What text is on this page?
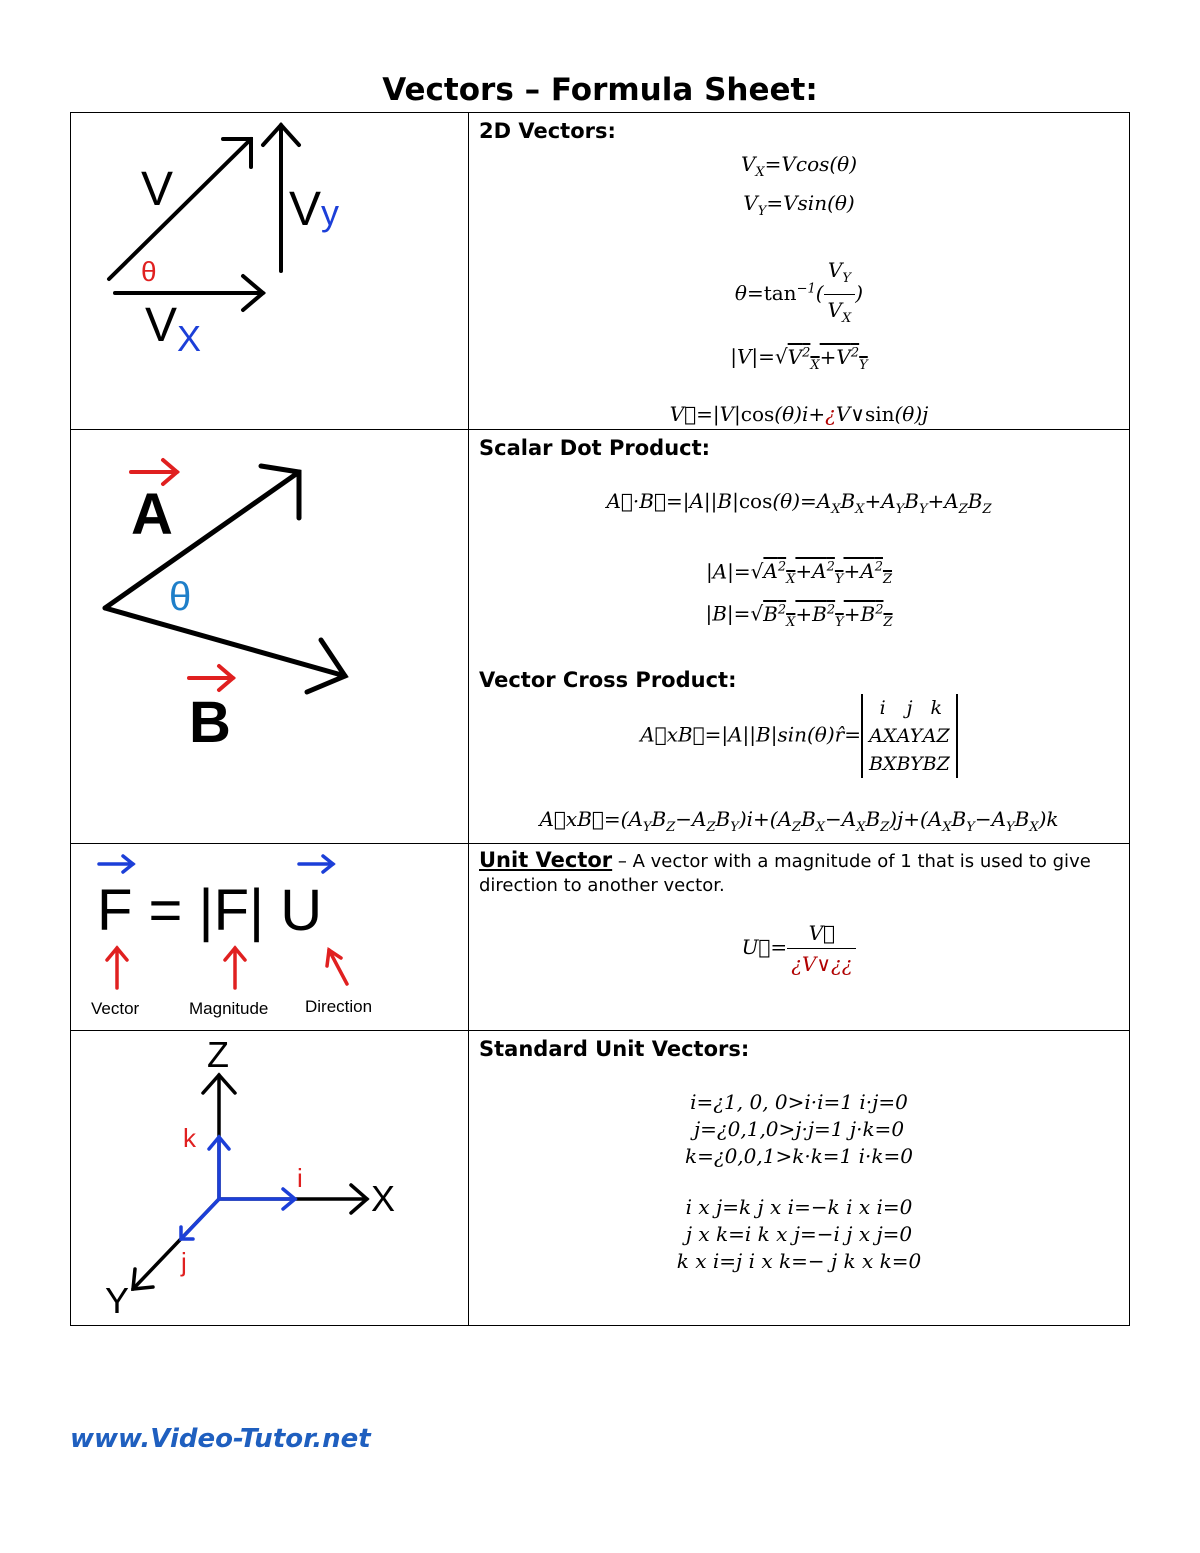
Vectors – Formula Sheet:
V Vy
θ
$V_X$

2D Vectors:
$V_X=Vcos(\theta)$
$V_Y=Vsin(\theta)$
$\theta=\tan^{-1}( \frac{V_Y}{V_X}$ )
$|V|=√V^2_X+V^2_Y$
V⃗=|V|cos(θ)i+¿V∨sin(θ)j

A
θ
B

Scalar Dot Product:
$A⃗\cdot B⃗=|A||B|\cos(\theta)=A_XB_X+A_YB_Y+A_ZB_Z$
$|A|=√A^2_X+A^2_Y+A^2_Z$
$|B|=√B^2_X+B^2_Y+B^2_Z$
Vector Cross Product:
A⃗xB⃗=|A||B|sin(θ)r̂=
i	j	k
AX	AY	AZ
BX	BY	BZ
$A⃗xB⃗=(A_YB_Z-A_ZB_Y)i+(A_ZB_X-A_XB_Z)j+(A_XB_Y-A_YB_X)k$

F = |F| U
Vector	Magnitude Direction

Unit Vector – A vector with a magnitude of 1 that is used to give direction to another vector.
U⃗= $\frac{V⃗}{¿V\vee¿¿}$

Z
X
Y
k
i
j

Standard Unit Vectors:
i=¿1, 0, 0>i·i=1 i·j=0
j=¿0,1,0>j·j=1 j·k=0
k=¿0,0,1>k·k=1 i·k=0
i x j=k j x i=−k i x i=0
j x k=i k x j=−i j x j=0
k x i=j i x k=− j k x k=0
www.Video-Tutor.net
